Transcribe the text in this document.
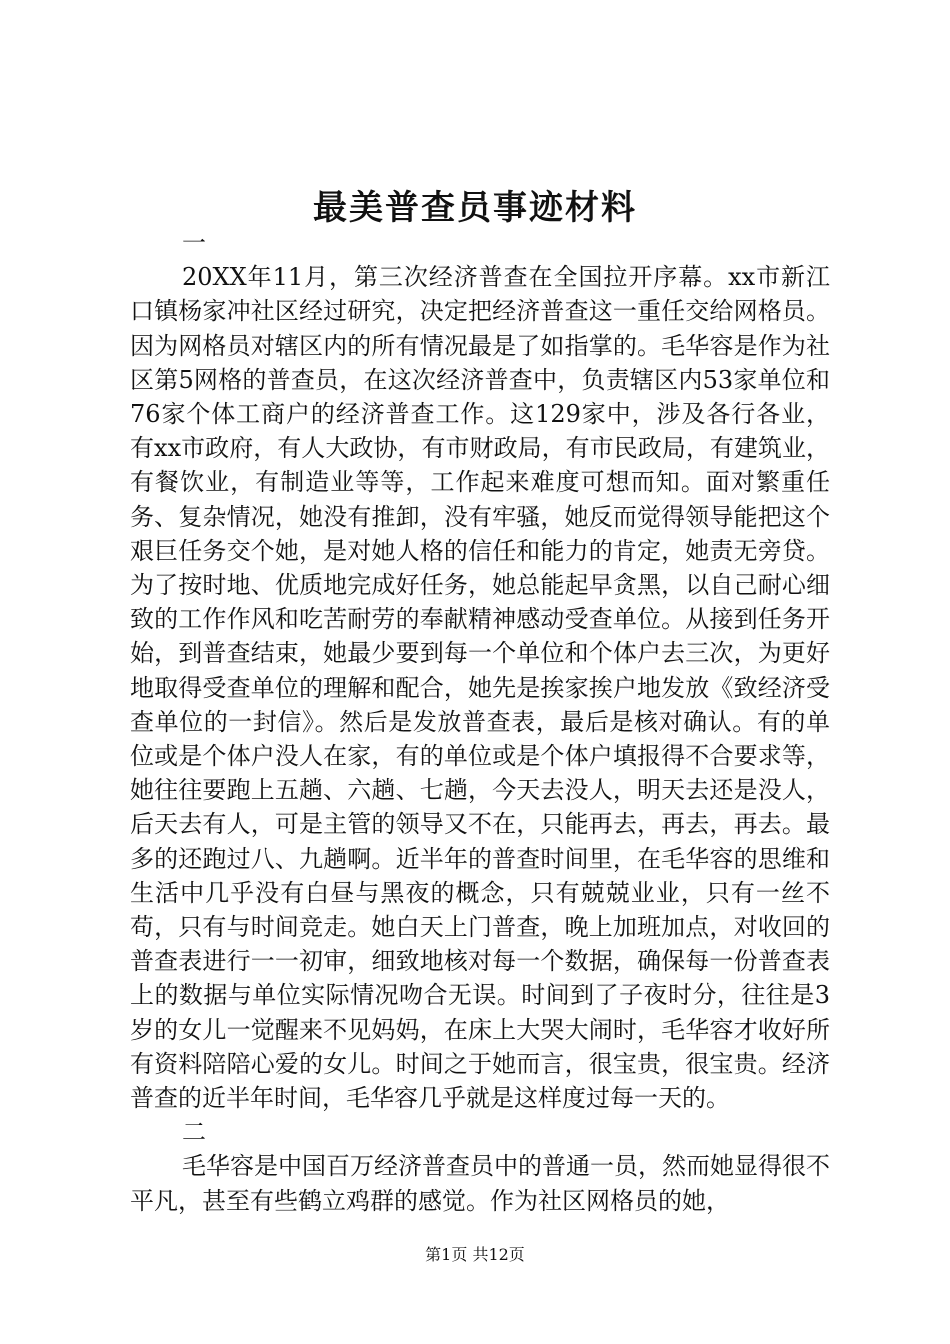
最美普查员事迹材料
一

20XX年11月，第三次经济普查在全国拉开序幕。xx市新江口镇杨家冲社区经过研究，决定把经济普查这一重任交给网格员。因为网格员对辖区内的所有情况最是了如指掌的。毛华容是作为社区第5网格的普查员，在这次经济普查中，负责辖区内53家单位和76家个体工商户的经济普查工作。这129家中，涉及各行各业，有xx市政府，有人大政协，有市财政局，有市民政局，有建筑业，有餐饮业，有制造业等等，工作起来难度可想而知。面对繁重任务、复杂情况，她没有推卸，没有牢骚，她反而觉得领导能把这个艰巨任务交个她，是对她人格的信任和能力的肯定，她责无旁贷。为了按时地、优质地完成好任务，她总能起早贪黑，以自己耐心细致的工作作风和吃苦耐劳的奉献精神感动受查单位。从接到任务开始，到普查结束，她最少要到每一个单位和个体户去三次，为更好地取得受查单位的理解和配合，她先是挨家挨户地发放《致经济受查单位的一封信》。然后是发放普查表，最后是核对确认。有的单位或是个体户没人在家，有的单位或是个体户填报得不合要求等，她往往要跑上五趟、六趟、七趟，今天去没人，明天去还是没人，后天去有人，可是主管的领导又不在，只能再去，再去，再去。最多的还跑过八、九趟啊。近半年的普查时间里，在毛华容的思维和生活中几乎没有白昼与黑夜的概念，只有兢兢业业，只有一丝不苟，只有与时间竞走。她白天上门普查，晚上加班加点，对收回的普查表进行一一初审，细致地核对每一个数据，确保每一份普查表上的数据与单位实际情况吻合无误。时间到了子夜时分，往往是3岁的女儿一觉醒来不见妈妈，在床上大哭大闹时，毛华容才收好所有资料陪陪心爱的女儿。时间之于她而言，很宝贵，很宝贵。经济普查的近半年时间，毛华容几乎就是这样度过每一天的。

二

毛华容是中国百万经济普查员中的普通一员，然而她显得很不平凡，甚至有些鹤立鸡群的感觉。作为社区网格员的她，

第1页 共12页
